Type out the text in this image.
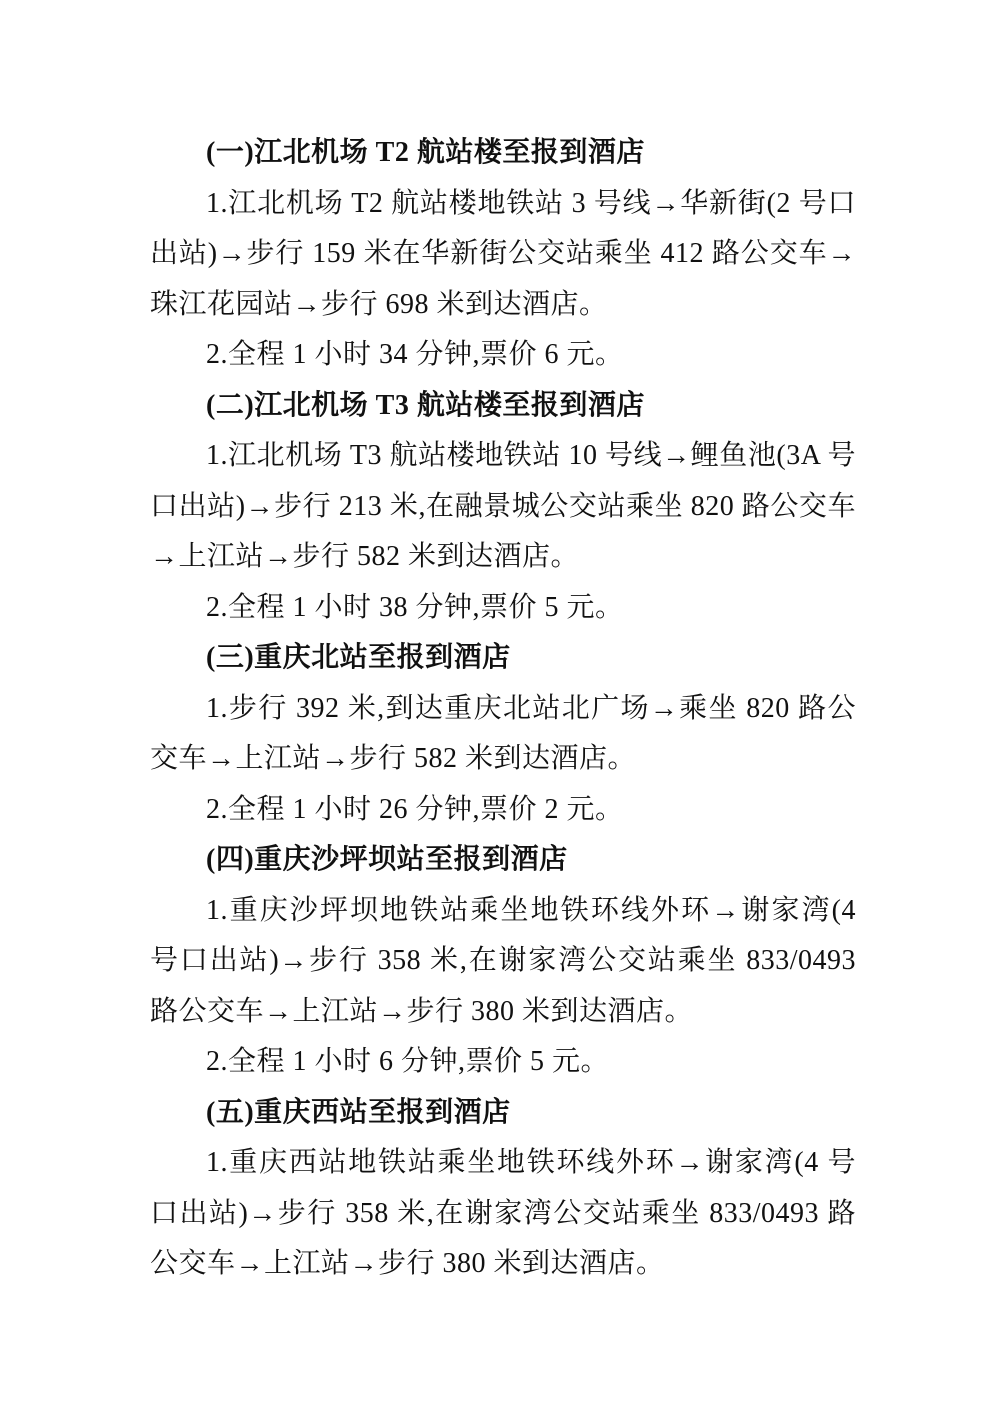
(一)江北机场 T2 航站楼至报到酒店

1.江北机场 T2 航站楼地铁站 3 号线→华新街(2 号口出站)→步行 159 米在华新街公交站乘坐 412 路公交车→珠江花园站→步行 698 米到达酒店。

2.全程 1 小时 34 分钟,票价 6 元。

(二)江北机场 T3 航站楼至报到酒店

1.江北机场 T3 航站楼地铁站 10 号线→鲤鱼池(3A 号口出站)→步行 213 米,在融景城公交站乘坐 820 路公交车→上江站→步行 582 米到达酒店。

2.全程 1 小时 38 分钟,票价 5 元。

(三)重庆北站至报到酒店

1.步行 392 米,到达重庆北站北广场→乘坐 820 路公交车→上江站→步行 582 米到达酒店。

2.全程 1 小时 26 分钟,票价 2 元。

(四)重庆沙坪坝站至报到酒店

1.重庆沙坪坝地铁站乘坐地铁环线外环→谢家湾(4 号口出站)→步行 358 米,在谢家湾公交站乘坐 833/0493 路公交车→上江站→步行 380 米到达酒店。

2.全程 1 小时 6 分钟,票价 5 元。

(五)重庆西站至报到酒店

1.重庆西站地铁站乘坐地铁环线外环→谢家湾(4 号口出站)→步行 358 米,在谢家湾公交站乘坐 833/0493 路公交车→上江站→步行 380 米到达酒店。
